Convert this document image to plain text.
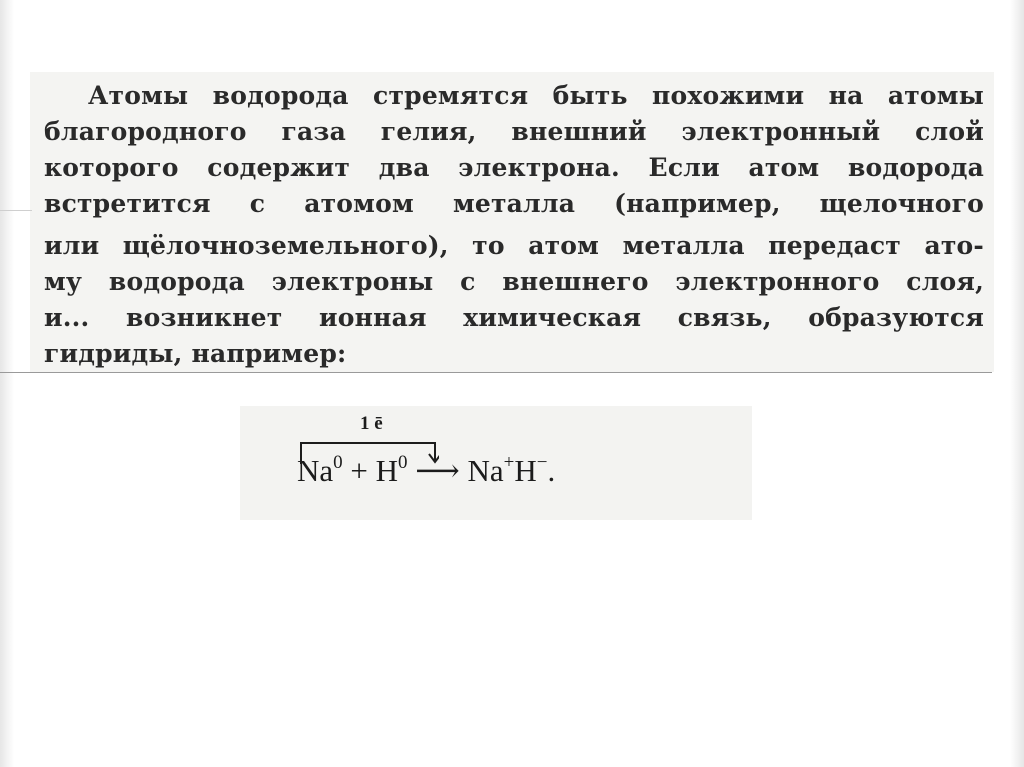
Атомы водорода стремятся быть похожими на атомы
благородного газа гелия, внешний электронный слой
которого содержит два электрона. Если атом водорода
встретится с атомом металла (например, щелочного
или щёлочноземельного), то атом металла передаст ато-
му водорода электроны с внешнего электронного слоя,
и... возникнет ионная химическая связь, образуются
гидриды, например:

$Na^0 + H^0$ ⟶ Na+H−.
1 ē
